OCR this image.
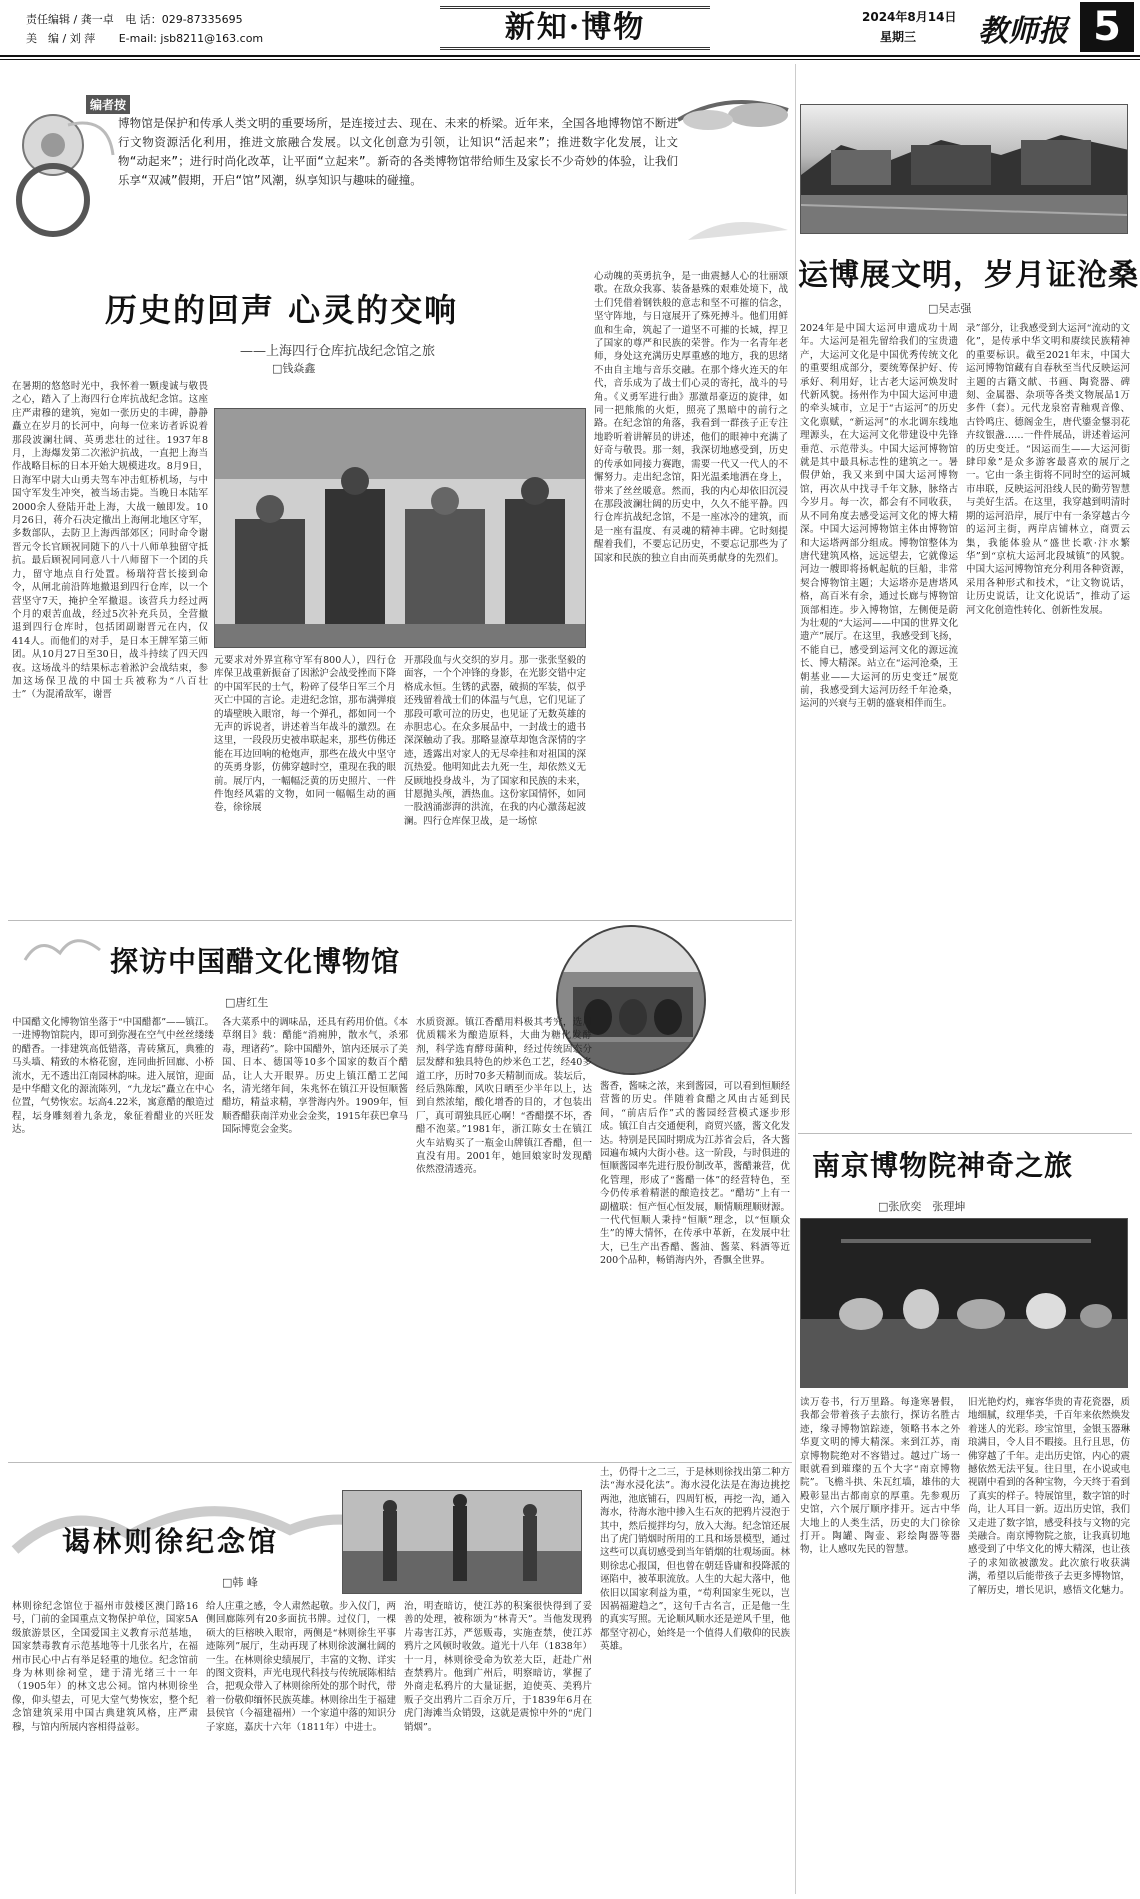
责任编辑 / 龚一卓 电 话：029-87335695
美　编 / 刘 萍 E-mail: jsb8211@163.com	新知·博物	2024年8月14日
星期三 教师报 5
编者按
博物馆是保护和传承人类文明的重要场所，是连接过去、现在、未来的桥梁。近年来，全国各地博物馆不断进行文物资源活化利用，推进文旅融合发展。以文化创意为引领，让知识“活起来”；推进数字化发展，让文物“动起来”；进行时尚化改革，让平面“立起来”。新奇的各类博物馆带给师生及家长不少奇妙的体验，让我们乐享“双减”假期，开启“馆”风潮，纵享知识与趣味的碰撞。
运博展文明，岁月证沧桑
□吴志强
历史的回声 心灵的交响
——上海四行仓库抗战纪念馆之旅
□钱焱鑫
在暑期的悠悠时光中，我怀着一颗虔诚与敬畏之心，踏入了上海四行仓库抗战纪念馆。这座庄严肃穆的建筑，宛如一张历史的丰碑，静静矗立在岁月的长河中，向每一位来访者诉说着那段波澜壮阔、英勇悲壮的过往。1937年8月，上海爆发第二次淞沪抗战，一直把上海当作战略目标的日本开始大规模进攻。8月9日，日海军中尉大山勇夫驾车冲击虹桥机场，与中国守军发生冲突，被当场击毙。当晚日本陆军2000余人登陆开赴上海，大战一触即发。10月26日，蒋介石决定撤出上海闸北地区守军，多数部队，去防卫上海西部郊区；同时命令谢晋元令长官顾祝同随下的八十八师单独留守抵抗。最后顾祝同同意八十八师留下一个团的兵力，留守地点自行处置。杨瑞符营长接到命令，从闸北前沿阵地撤退到四行仓库，以一个营坚守7天，掩护全军撤退。该营兵力经过两个月的艰苦血战，经过5次补充兵员，全营撤退到四行仓库时，包括团副谢晋元在内，仅414人。而他们的对手，是日本王牌军第三师团。从10月27日至30日，战斗持续了四天四夜。这场战斗的结果标志着淞沪会战结束，参加这场保卫战的中国士兵被称为“八百壮士”（为混淆敌军，谢晋
元要求对外界宣称守军有800人），四行仓库保卫战重新振奋了因淞沪会战受挫而下降的中国军民的士气，粉碎了侵华日军三个月灭亡中国的言论。走进纪念馆，那布满弹痕的墙壁映入眼帘，每一个弹孔，都如同一个无声的诉说者，讲述着当年战斗的激烈。在这里，一段段历史被串联起来，那些仿佛还能在耳边回响的枪炮声，那些在战火中坚守的英勇身影，仿佛穿越时空，重现在我的眼前。展厅内，一幅幅泛黄的历史照片、一件件饱经风霜的文物，如同一幅幅生动的画卷，徐徐展
开那段血与火交织的岁月。那一张张坚毅的面容，一个个冲锋的身影，在光影交错中定格成永恒。生锈的武器，破损的军装，似乎还残留着战士们的体温与气息，它们见证了那段可歌可泣的历史，也见证了无数英雄的赤胆忠心。在众多展品中，一封战士的遗书深深触动了我。那略显潦草却饱含深情的字迹，透露出对家人的无尽牵挂和对祖国的深沉热爱。他明知此去九死一生，却依然义无反顾地投身战斗，为了国家和民族的未来，甘愿抛头颅，洒热血。这份家国情怀，如同一股汹涌澎湃的洪流，在我的内心激荡起波澜。四行仓库保卫战，是一场惊
心动魄的英勇抗争，是一曲震撼人心的壮丽颂歌。在敌众我寡、装备悬殊的艰难处境下，战士们凭借着钢铁般的意志和坚不可摧的信念，坚守阵地，与日寇展开了殊死搏斗。他们用鲜血和生命，筑起了一道坚不可摧的长城，捍卫了国家的尊严和民族的荣誉。作为一名青年老师，身处这充满历史厚重感的地方，我的思绪不由自主地与音乐交融。在那个烽火连天的年代，音乐成为了战士们心灵的寄托，战斗的号角。《义勇军进行曲》那激昂豪迈的旋律，如同一把熊熊的火炬，照亮了黑暗中的前行之路。在纪念馆的角落，我看到一群孩子正专注地聆听着讲解员的讲述，他们的眼神中充满了好奇与敬畏。那一刻，我深切地感受到，历史的传承如同接力赛跑，需要一代又一代人的不懈努力。走出纪念馆，阳光温柔地洒在身上，带来了丝丝暖意。然而，我的内心却依旧沉浸在那段波澜壮阔的历史中，久久不能平静。四行仓库抗战纪念馆，不是一座冰冷的建筑，而是一座有温度、有灵魂的精神丰碑。它时刻提醒着我们，不要忘记历史，不要忘记那些为了国家和民族的独立自由而英勇献身的先烈们。
2024年是中国大运河申遗成功十周年。大运河是祖先留给我们的宝贵遗产，大运河文化是中国优秀传统文化的重要组成部分，要统筹保护好、传承好、利用好，让古老大运河焕发时代新风貌。扬州作为中国大运河申遗的牵头城市，立足于“古运河”的历史文化禀赋，“新运河”的水北调东线地理源头，在大运河文化带建设中先锋垂范、示范带头。中国大运河博物馆就是其中最具标志性的建筑之一。暑假伊始，我又来到中国大运河博物馆，再次从中找寻千年文脉，脉络古今岁月。每一次，都会有不同收获，从不同角度去感受运河文化的博大精深。中国大运河博物馆主体由博物馆和大运塔两部分组成。博物馆整体为唐代建筑风格，远远望去，它就像运河边一艘即将扬帆起航的巨船，非常契合博物馆主题；大运塔亦是唐塔风格，高百米有余，通过长廊与博物馆顶部相连。步入博物馆，左侧便是蔚为壮观的“大运河——中国的世界文化遗产”展厅。在这里，我感受到飞扬，不能自已，感受到运河文化的源远流长、博大精深。站立在“运河沧桑，王朝基业——大运河的历史变迁”展览前，我感受到大运河历经千年沧桑，运河的兴衰与王朝的盛衰相伴而生。
录”部分，让我感受到大运河“流动的文化”，是传承中华文明和赓续民族精神的重要标识。截至2021年末，中国大运河博物馆藏有自春秋至当代反映运河主题的古籍文献、书画、陶瓷器、碑刻、金属器、杂项等各类文物展品1万多件（套）。元代龙泉窑青釉观音像、古铃鸣庄、德阁金生，唐代鎏金鋬羽花卉纹银盏……一件件展品，讲述着运河的历史变迁。“因运而生——大运河街肆印象”是众多游客最喜欢的展厅之一。它由一条主街将不同时空的运河城市串联，反映运河沿线人民的勤劳智慧与美好生活。在这里，我穿越到明清时期的运河沿岸，展厅中有一条穿越古今的运河主街，两岸店铺林立，商贾云集，我能体验从“盛世长歌·汴水繁华”到“京杭大运河北段城镇”的风貌。中国大运河博物馆充分利用各种资源，采用各种形式和技术，“让文物说话，让历史说话，让文化说话”，推动了运河文化创造性转化、创新性发展。
探访中国醋文化博物馆
□唐红生
中国醋文化博物馆坐落于“中国醋都”——镇江。一进博物馆院内，即可到弥漫在空气中丝丝缕缕的醋香。一排建筑高低错落，青砖黛瓦，典雅的马头墙、精致的木格花窗，连同曲折回廊、小桥流水，无不透出江南园林韵味。进入展馆，迎面是中华醋文化的源流陈列，“九龙坛”矗立在中心位置，气势恢宏。坛高4.22米，寓意醋的酿造过程，坛身雕刻着九条龙，象征着醋业的兴旺发达。
各大菜系中的调味品，还具有药用价值。《本草纲目》载：醋能“消痈肿，散水气，杀邪毒，理诸药”。除中国醋外，馆内还展示了美国、日本、德国等10多个国家的数百个醋品，让人大开眼界。历史上镇江醋工艺闻名，清光绪年间，朱兆怀在镇江开设恒顺酱醋坊，精益求精，享誉海内外。1909年，恒顺香醋获南洋劝业会金奖，1915年获巴拿马国际博览会金奖。
水质资源。镇江香醋用料极其考究，选用优质糯米为酿造原料，大曲为糖化发酵剂，科学选育酵母菌种，经过传统固态分层发酵和独具特色的炒米色工艺，经40多道工序，历时70多天精制而成。装坛后，经后熟陈酿，风吹日晒至少半年以上，达到自然浓缩，酸化增香的目的，才包装出厂，真可谓独具匠心啊！“香醋摆不坏，香醋不泡菜。”1981年，浙江陈女士在镇江火车站购买了一瓶金山牌镇江香醋，但一直没有用。2001年，她回娘家时发现醋依然澄清透亮。
酱香，酱味之浓，来到酱园，可以看到恒顺经营酱的历史。伴随着食醋之风由古延到民间，“前店后作”式的酱园经营模式逐步形成。镇江自古交通便利，商贸兴盛，酱文化发达。特别是民国时期成为江苏省会后，各大酱园遍布城内大街小巷。这一阶段，与时俱进的恒顺酱园率先进行股份制改革，酱醋兼营，优化管理，形成了“酱醋一体”的经营特色，至今仍传承着精湛的酿造技艺。“醋坊”上有一副楹联：恒产恒心恒发展，顺情顺理顺财源。一代代恒顺人秉持“恒顺”理念，以“恒顺众生”的博大情怀，在传承中革新，在发展中壮大，已生产出香醋、酱油、酱菜、料酒等近200个品种，畅销海内外，香飘全世界。
南京博物院神奇之旅
□张欣奕　张理坤
读万卷书，行万里路。每逢寒暑假，我都会带着孩子去旅行，探访名胜古迹，缘寻博物馆踪迹，领略书本之外华夏文明的博大精深。来到江苏，南京博物院绝对不容错过。越过广场一眼就看到璀璨的五个大字“南京博物院”。飞檐斗拱、朱瓦红墙，雄伟的大殿彰显出古都南京的厚重。先参观历史馆，六个展厅顺序排开。远古中华大地上的人类生活，历史的大门徐徐打开。陶罐、陶壶、彩绘陶器等器物，让人感叹先民的智慧。
旧光艳灼灼，雍容华贵的青花瓷器，质地细腻，纹理华美，千百年来依然焕发着迷人的光彩。珍宝馆里，金银玉器琳琅满目，令人目不暇接。且行且思，仿佛穿越了千年。走出历史馆，内心的震撼依然无法平复。往日里，在小说或电视剧中看到的各种宝物，今天终于看到了真实的样子。特展馆里，数字馆的时尚，让人耳目一新。迈出历史馆，我们又走进了数字馆，感受科技与文物的完美融合。南京博物院之旅，让我真切地感受到了中华文化的博大精深，也让孩子的求知欲被激发。此次旅行收获满满，希望以后能带孩子去更多博物馆，了解历史，增长见识，感悟文化魅力。
谒林则徐纪念馆
□韩 峰
林则徐纪念馆位于福州市鼓楼区澳门路16号，门前的金国重点文物保护单位，国家5A级旅游景区，全国爱国主义教育示范基地，国家禁毒教育示范基地等十几张名片，在福州市民心中占有举足轻重的地位。纪念馆前身为林则徐祠堂，建于清光绪三十一年（1905年）的林文忠公祠。馆内林则徐坐像，仰头望去，可见大堂气势恢宏，整个纪念馆建筑采用中国古典建筑风格，庄严肃穆，与馆内所展内容相得益彰。
给人庄重之感，令人肃然起敬。步入仪门，两侧回廊陈列有20多面抗书牌。过仪门，一棵硕大的巨榕映入眼帘，两侧是“林则徐生平事迹陈列”展厅，生动再现了林则徐波澜壮阔的一生。在林则徐史绩展厅，丰富的文物、详实的图文资料，声光电现代科技与传统展陈相结合，把观众带入了林则徐所处的那个时代，带着一份敬仰缅怀民族英雄。林则徐出生于福建县侯官（今福建福州）一个家道中落的知识分子家庭，嘉庆十六年（1811年）中进士。
治，明查暗访，使江苏的积案很快得到了妥善的处理，被称颂为“林青天”。当他发现鸦片毒害江苏，严惩贩毒，实施查禁，使江苏鸦片之风顿时收敛。道光十八年（1838年）十一月，林则徐受命为钦差大臣，赶赴广州查禁鸦片。他到广州后，明察暗访，掌握了外商走私鸦片的大量证据，迫使英、美鸦片贩子交出鸦片二百余万斤，于1839年6月在虎门海滩当众销毁，这就是震惊中外的“虎门销烟”。
土，仍得十之二三，于是林则徐找出第二种方法“海水浸化法”。海水浸化法是在海边挑挖两池，池底铺石，四周钉板，再挖一沟，通入海水，待海水池中掺入生石灰的把鸦片浸泡于其中，然后搅拌均匀，放入大海。纪念馆还展出了虎门销烟时所用的工具和场景模型，通过这些可以真切感受到当年销烟的壮观场面。林则徐忠心报国，但也曾在朝廷昏庸和投降派的诬陷中，被革职流放。人生的大起大落中，他依旧以国家利益为重，“苟利国家生死以，岂因祸福避趋之”，这句千古名言，正是他一生的真实写照。无论顺风顺水还是逆风千里，他都坚守初心，始终是一个值得人们敬仰的民族英雄。
